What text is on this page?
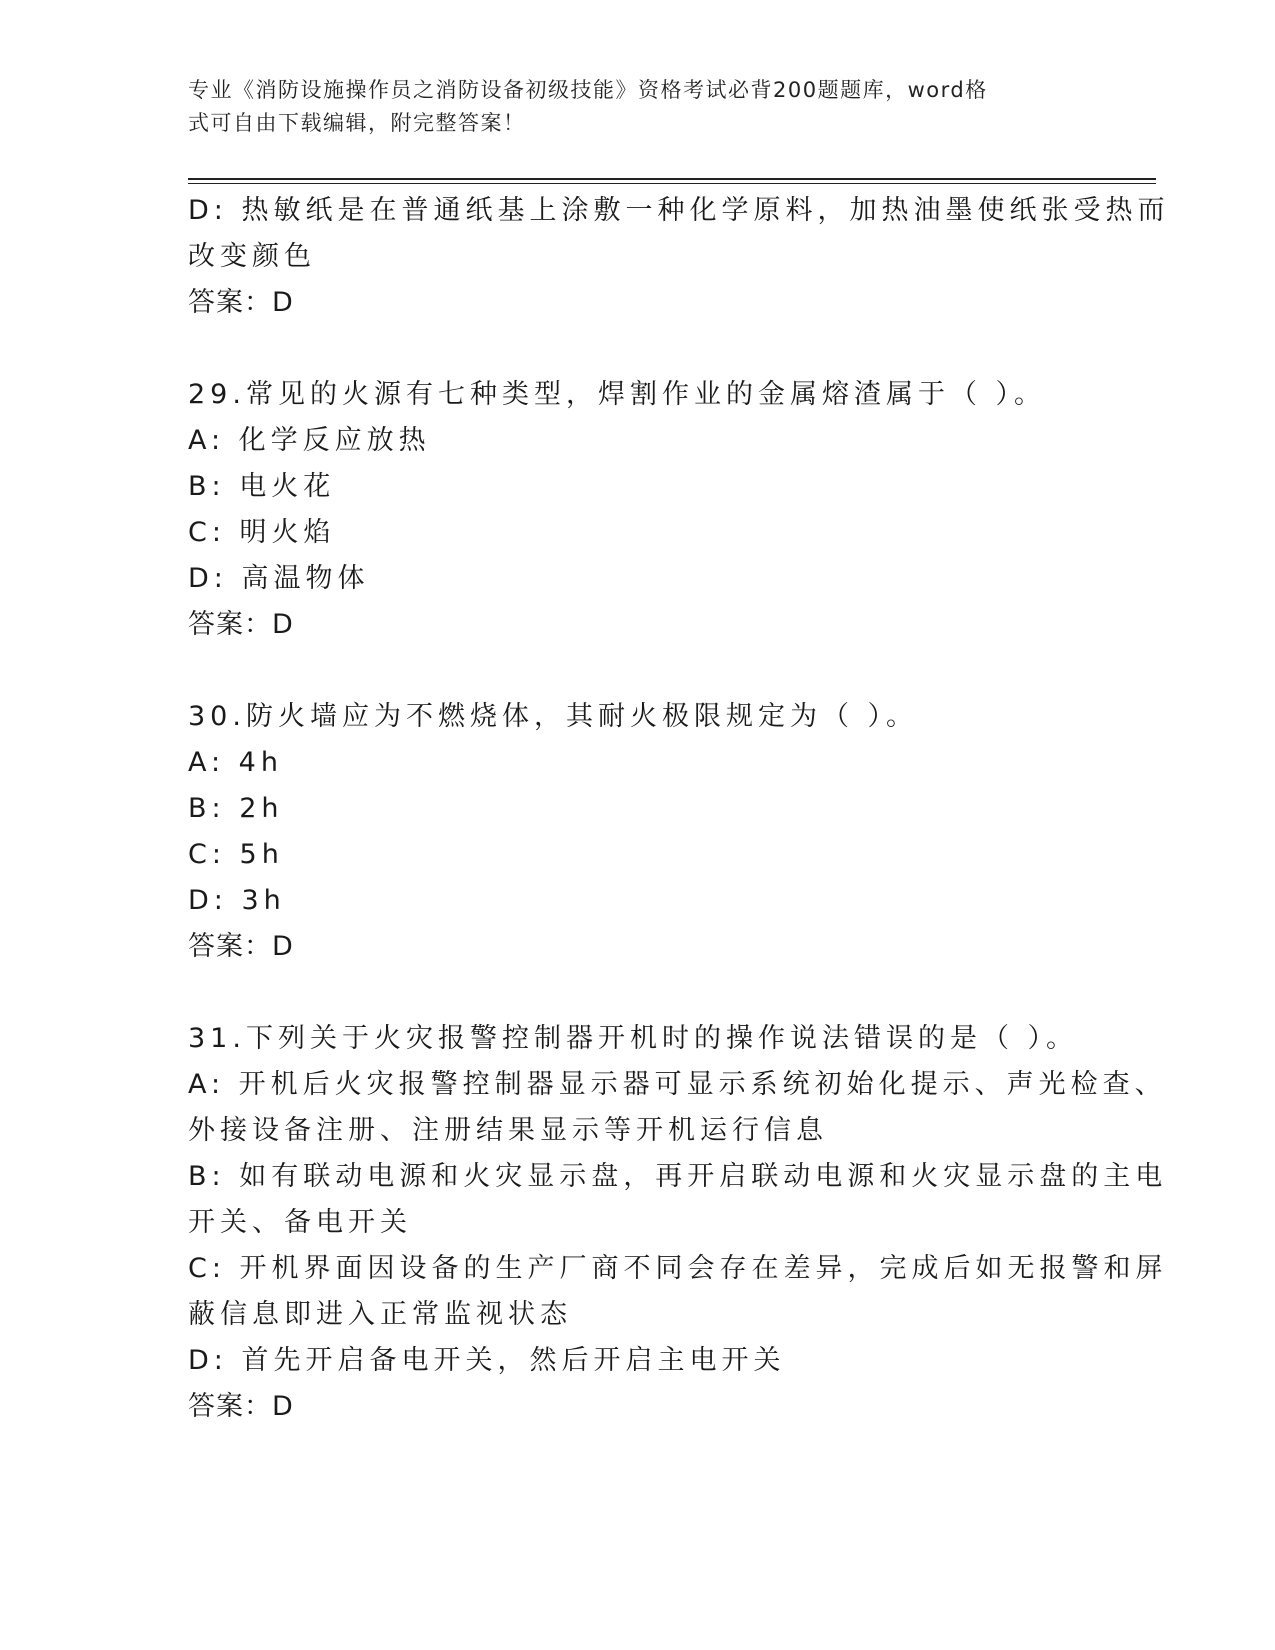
专业《消防设施操作员之消防设备初级技能》资格考试必背200题题库，word格
式可自由下载编辑，附完整答案！

D: 热敏纸是在普通纸基上涂敷一种化学原料，加热油墨使纸张受热而

改变颜色

答案：D

29.常见的火源有七种类型，焊割作业的金属熔渣属于（ ）。

A: 化学反应放热

B: 电火花

C: 明火焰

D: 高温物体

答案：D

30.防火墙应为不燃烧体，其耐火极限规定为（ ）。

A: 4h

B: 2h

C: 5h

D: 3h

答案：D

31.下列关于火灾报警控制器开机时的操作说法错误的是（ ）。

A: 开机后火灾报警控制器显示器可显示系统初始化提示、声光检查、

外接设备注册、注册结果显示等开机运行信息

B: 如有联动电源和火灾显示盘，再开启联动电源和火灾显示盘的主电

开关、备电开关

C: 开机界面因设备的生产厂商不同会存在差异，完成后如无报警和屏

蔽信息即进入正常监视状态

D: 首先开启备电开关，然后开启主电开关

答案：D
